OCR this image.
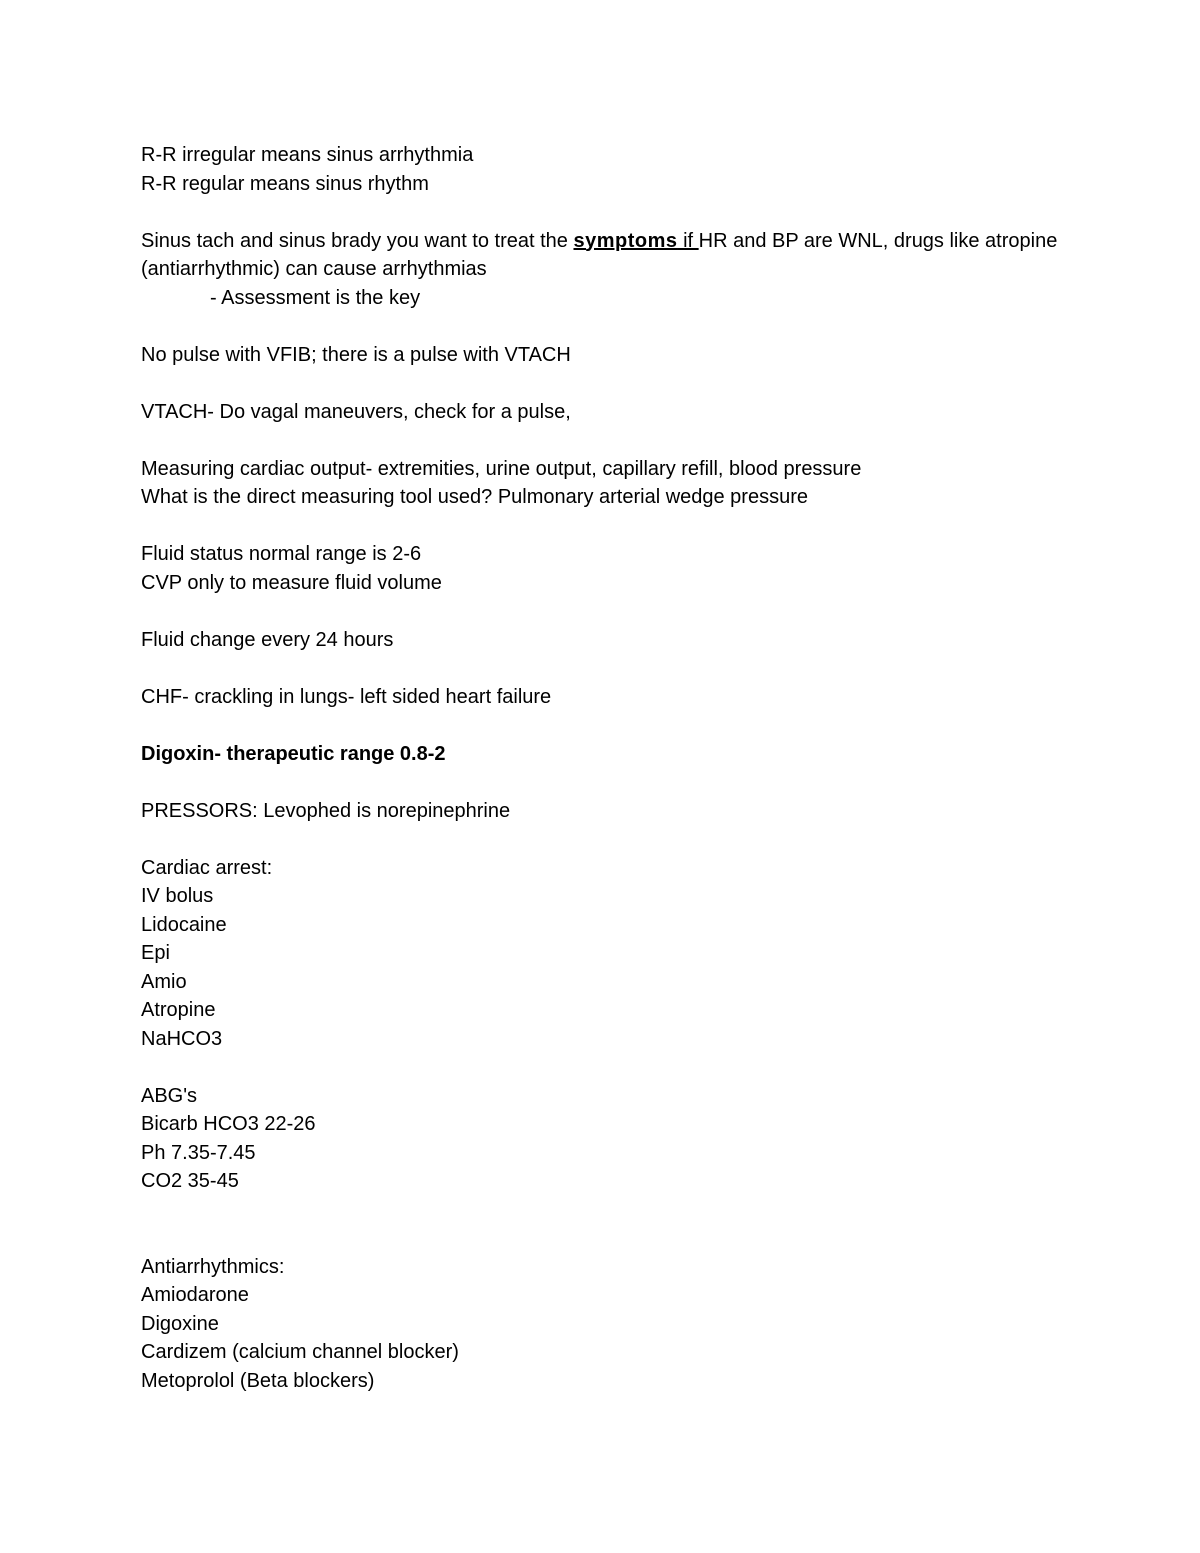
R-R irregular means sinus arrhythmia
R-R regular means sinus rhythm
Sinus tach and sinus brady you want to treat the symptoms if HR and BP are WNL, drugs like atropine (antiarrhythmic) can cause arrhythmias
- Assessment is the key
No pulse with VFIB; there is a pulse with VTACH
VTACH- Do vagal maneuvers, check for a pulse,
Measuring cardiac output- extremities, urine output, capillary refill, blood pressure
What is the direct measuring tool used? Pulmonary arterial wedge pressure
Fluid status normal range is 2-6
CVP only to measure fluid volume
Fluid change every 24 hours
CHF- crackling in lungs- left sided heart failure
Digoxin- therapeutic range 0.8-2
PRESSORS: Levophed is norepinephrine
Cardiac arrest:
IV bolus
Lidocaine
Epi
Amio
Atropine
NaHCO3
ABG's
Bicarb HCO3 22-26
Ph 7.35-7.45
CO2 35-45
Antiarrhythmics:
Amiodarone
Digoxine
Cardizem (calcium channel blocker)
Metoprolol (Beta blockers)
